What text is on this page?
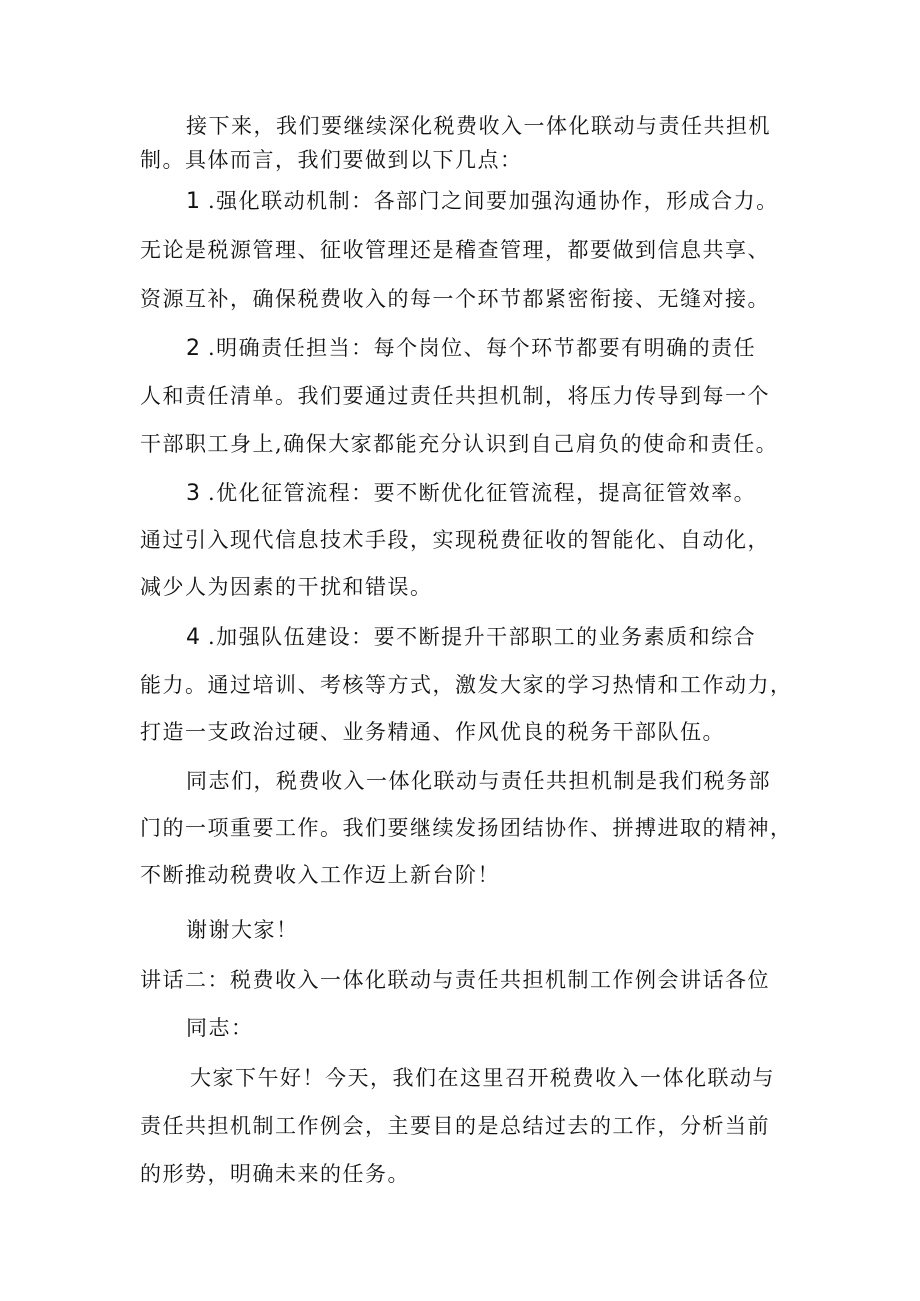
接下来，我们要继续深化税费收入一体化联动与责任共担机
制。具体而言，我们要做到以下几点：
1 .强化联动机制：各部门之间要加强沟通协作，形成合力。
无论是税源管理、征收管理还是稽查管理，都要做到信息共享、
资源互补，确保税费收入的每一个环节都紧密衔接、无缝对接。
2 .明确责任担当：每个岗位、每个环节都要有明确的责任
人和责任清单。我们要通过责任共担机制，将压力传导到每一个
干部职工身上,确保大家都能充分认识到自己肩负的使命和责任。
3 .优化征管流程：要不断优化征管流程，提高征管效率。
通过引入现代信息技术手段，实现税费征收的智能化、自动化，
减少人为因素的干扰和错误。
4 .加强队伍建设：要不断提升干部职工的业务素质和综合
能力。通过培训、考核等方式，激发大家的学习热情和工作动力，
打造一支政治过硬、业务精通、作风优良的税务干部队伍。
同志们，税费收入一体化联动与责任共担机制是我们税务部
门的一项重要工作。我们要继续发扬团结协作、拼搏进取的精神，
不断推动税费收入工作迈上新台阶！
谢谢大家！
讲话二：税费收入一体化联动与责任共担机制工作例会讲话各位
同志：
大家下午好！今天，我们在这里召开税费收入一体化联动与
责任共担机制工作例会，主要目的是总结过去的工作，分析当前
的形势，明确未来的任务。
